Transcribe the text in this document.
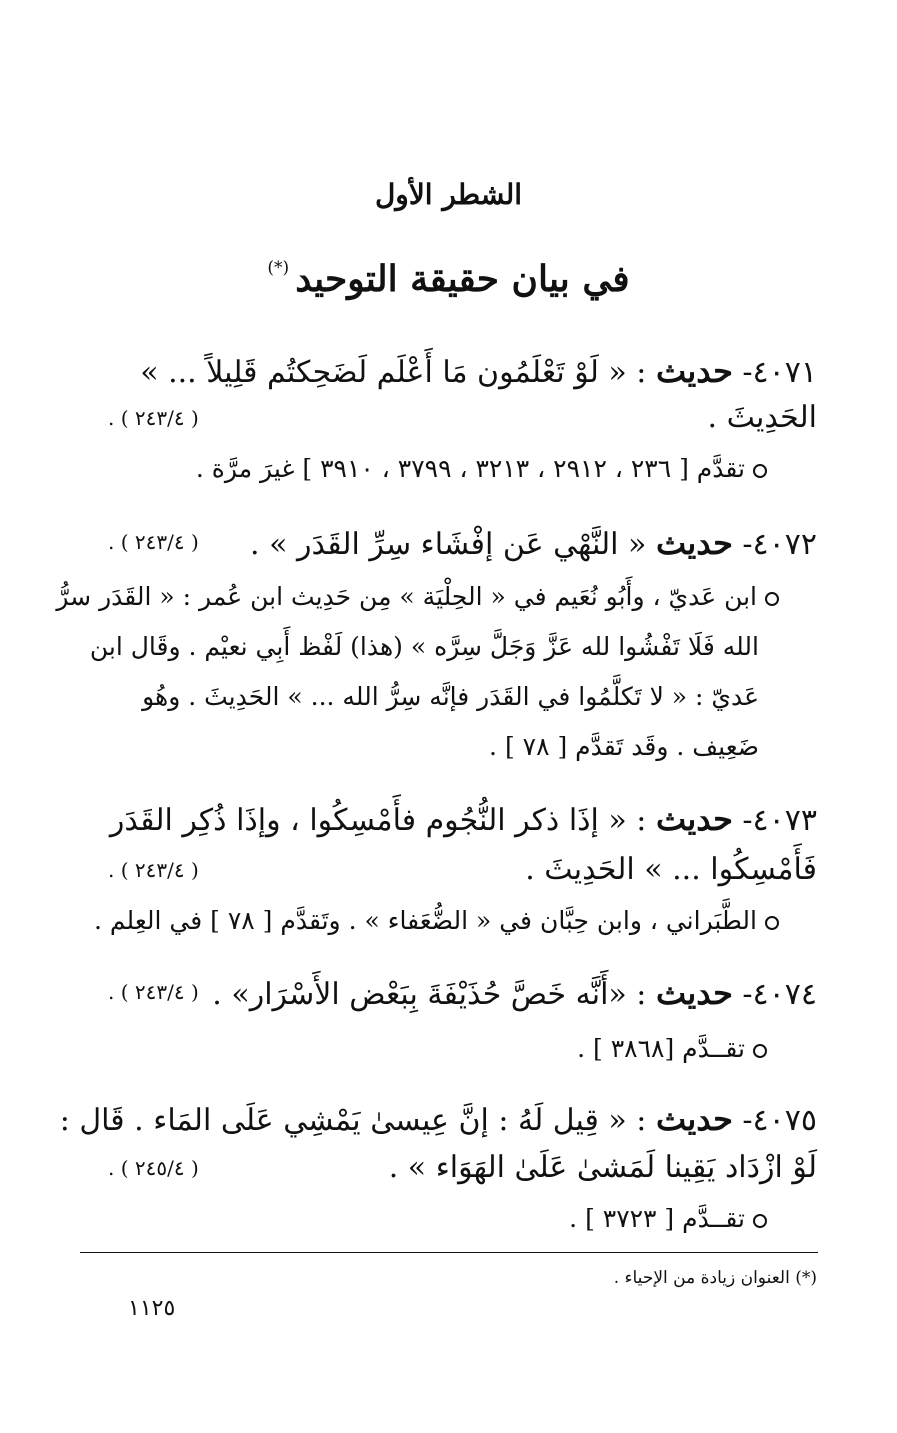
الشطر الأول
في بيان حقيقة التوحيد(*)
٤٠٧١- حديث : « لَوْ تَعْلَمُون مَا أَعْلَم لَضَحِكتُم قَلِيلاً ... »
الحَدِيثَ .
( ٢٤٣/٤ ) .
تقدَّم [ ٢٣٦ ، ٢٩١٢ ، ٣٢١٣ ، ٣٧٩٩ ، ٣٩١٠ ] غيرَ مرَّة .
٤٠٧٢- حديث « النَّهْي عَن إفْشَاء سِرِّ القَدَر » .
( ٢٤٣/٤ ) .
ابن عَديّ ، وأَبُو نُعَيم في « الحِلْيَة » مِن حَدِيث ابن عُمر : « القَدَر سرُّ
الله فَلَا تَفْشُوا لله عَزَّ وَجَلَّ سِرَّه » (هذا) لَفْظ أَبِي نعيْم . وقَال ابن
عَديّ : « لا تَكلَّمُوا في القَدَر فإنَّه سِرُّ الله ... » الحَدِيثَ . وهُو
ضَعِيف . وقَد تَقدَّم [ ٧٨ ] .
٤٠٧٣- حديث : « إذَا ذكر النُّجُوم فأَمْسِكُوا ، وإذَا ذُكِر القَدَر
فَأَمْسِكُوا ... » الحَدِيثَ .
( ٢٤٣/٤ ) .
الطَّبَراني ، وابن حِبَّان في « الضُّعَفاء » . وتَقدَّم [ ٧٨ ] في العِلم .
٤٠٧٤- حديث : «أَنَّه خَصَّ حُذَيْفَةَ بِبَعْض الأَسْرَار» .
( ٢٤٣/٤ ) .
تقــدَّم [٣٨٦٨ ] .
٤٠٧٥- حديث : « قِيل لَهُ : إنَّ عِيسىٰ يَمْشِي عَلَى المَاء . قَال :
لَوْ ازْدَاد يَقِينا لَمَشىٰ عَلَىٰ الهَوَاء » .
( ٢٤٥/٤ ) .
تقــدَّم [ ٣٧٢٣ ] .
(*) العنوان زيادة من الإحياء .
١١٢٥
